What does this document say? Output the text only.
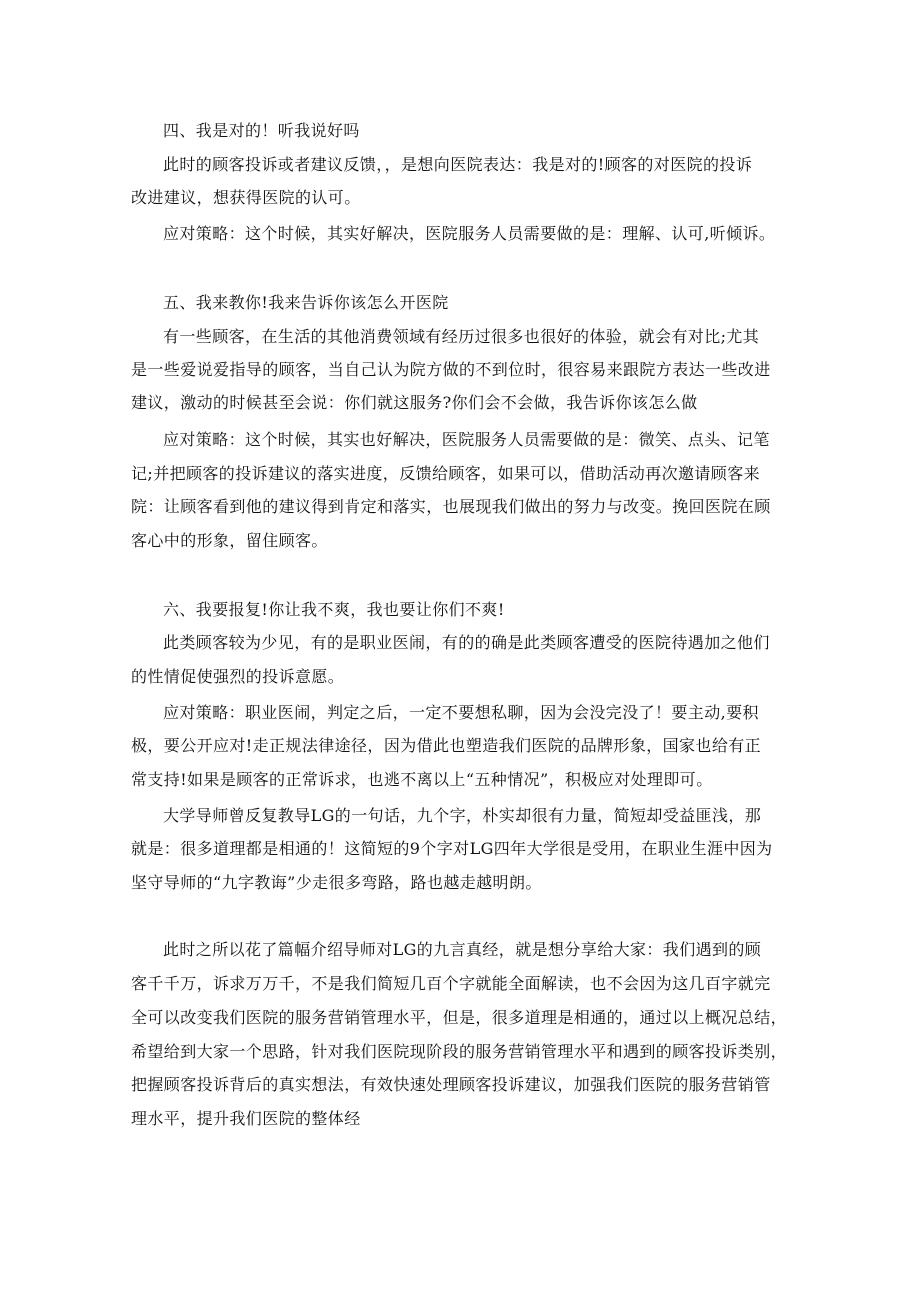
四、我是对的！听我说好吗
此时的顾客投诉或者建议反馈，，是想向医院表达：我是对的!顾客的对医院的投诉
改进建议，想获得医院的认可。
应对策略：这个时候，其实好解决，医院服务人员需要做的是：理解、认可,听倾诉。
五、我来教你!我来告诉你该怎么开医院
有一些顾客，在生活的其他消费领域有经历过很多也很好的体验，就会有对比;尤其
是一些爱说爱指导的顾客，当自己认为院方做的不到位时，很容易来跟院方表达一些改进
建议，激动的时候甚至会说：你们就这服务?你们会不会做，我告诉你该怎么做
应对策略：这个时候，其实也好解决，医院服务人员需要做的是：微笑、点头、记笔
记;并把顾客的投诉建议的落实进度，反馈给顾客，如果可以，借助活动再次邀请顾客来
院：让顾客看到他的建议得到肯定和落实，也展现我们做出的努力与改变。挽回医院在顾
客心中的形象，留住顾客。
六、我要报复!你让我不爽，我也要让你们不爽!
此类顾客较为少见，有的是职业医闹，有的的确是此类顾客遭受的医院待遇加之他们
的性情促使强烈的投诉意愿。
应对策略：职业医闹，判定之后，一定不要想私聊，因为会没完没了！要主动,要积
极，要公开应对!走正规法律途径，因为借此也塑造我们医院的品牌形象，国家也给有正
常支持!如果是顾客的正常诉求，也逃不离以上“五种情况”，积极应对处理即可。
大学导师曾反复教导LG的一句话，九个字，朴实却很有力量，简短却受益匪浅，那
就是：很多道理都是相通的！这简短的9个字对LG四年大学很是受用，在职业生涯中因为
坚守导师的“九字教诲”少走很多弯路，路也越走越明朗。
此时之所以花了篇幅介绍导师对LG的九言真经，就是想分享给大家：我们遇到的顾
客千千万，诉求万万千，不是我们简短几百个字就能全面解读，也不会因为这几百字就完
全可以改变我们医院的服务营销管理水平，但是，很多道理是相通的，通过以上概况总结，
希望给到大家一个思路，针对我们医院现阶段的服务营销管理水平和遇到的顾客投诉类别，
把握顾客投诉背后的真实想法，有效快速处理顾客投诉建议，加强我们医院的服务营销管
理水平，提升我们医院的整体经
